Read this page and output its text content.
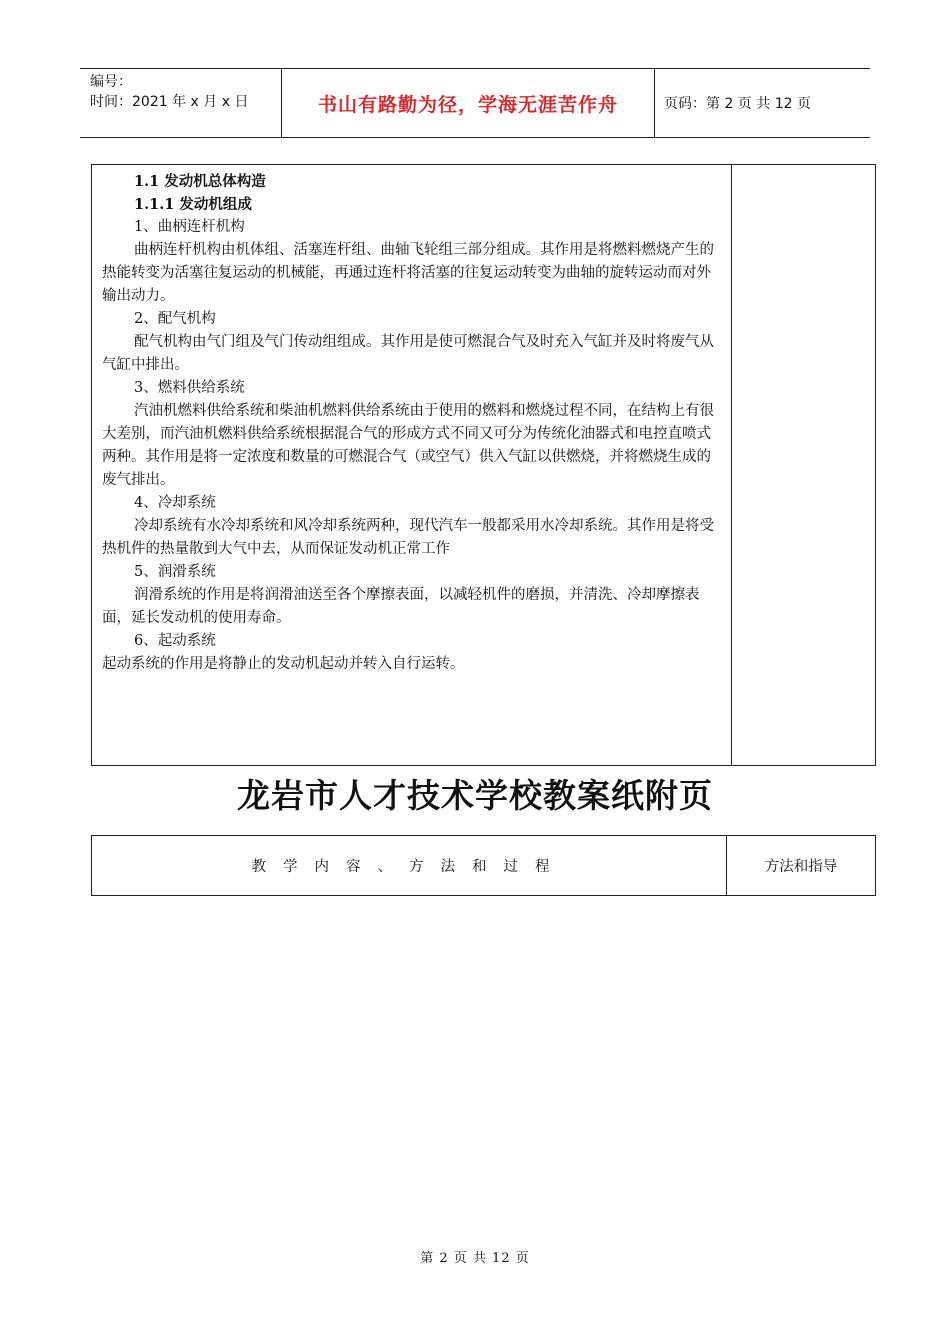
编号：
时间：2021 年 x 月 x 日	书山有路勤为径，学海无涯苦作舟	页码：第 2 页 共 12 页

1.1 发动机总体构造

1.1.1 发动机组成

1、曲柄连杆机构

曲柄连杆机构由机体组、活塞连杆组、曲轴飞轮组三部分组成。其作用是将燃料燃烧产生的热能转变为活塞往复运动的机械能，再通过连杆将活塞的往复运动转变为曲轴的旋转运动而对外输出动力。

2、配气机构

配气机构由气门组及气门传动组组成。其作用是使可燃混合气及时充入气缸并及时将废气从气缸中排出。

3、燃料供给系统

汽油机燃料供给系统和柴油机燃料供给系统由于使用的燃料和燃烧过程不同，在结构上有很大差别，而汽油机燃料供给系统根据混合气的形成方式不同又可分为传统化油器式和电控直喷式两种。其作用是将一定浓度和数量的可燃混合气（或空气）供入气缸以供燃烧，并将燃烧生成的废气排出。

4、冷却系统

冷却系统有水冷却系统和风冷却系统两种，现代汽车一般都采用水冷却系统。其作用是将受热机件的热量散到大气中去，从而保证发动机正常工作

5、润滑系统

润滑系统的作用是将润滑油送至各个摩擦表面，以减轻机件的磨损，并清洗、冷却摩擦表面，延长发动机的使用寿命。

6、起动系统

起动系统的作用是将静止的发动机起动并转入自行运转。

龙岩市人才技术学校教案纸附页
教学内容、方法和过程	方法和指导
第 2 页 共 12 页
